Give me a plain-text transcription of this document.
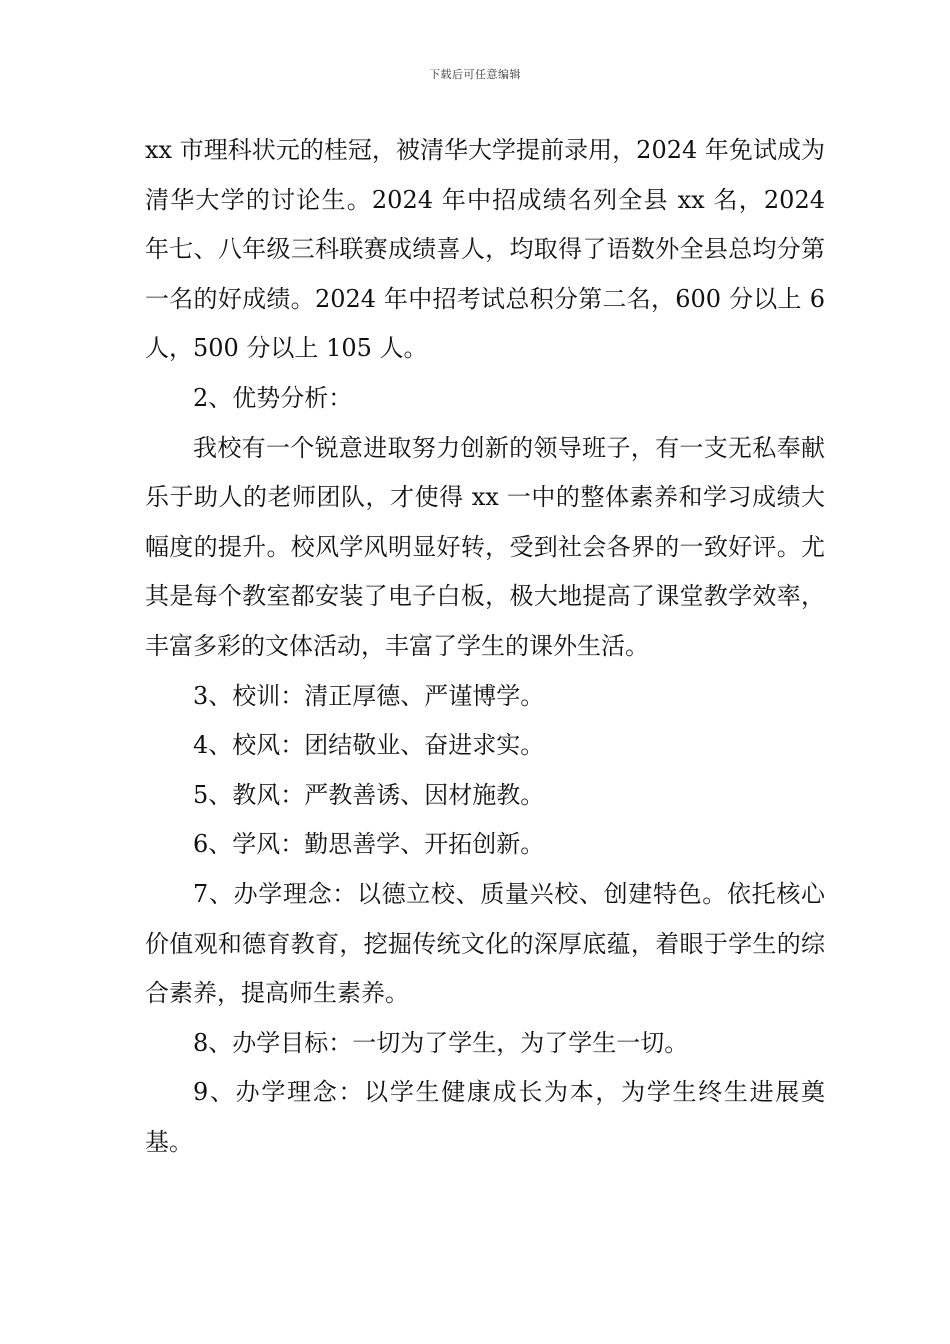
下载后可任意编辑

xx 市理科状元的桂冠，被清华大学提前录用，2024 年免试成为清华大学的讨论生。2024 年中招成绩名列全县 xx 名，2024 年七、八年级三科联赛成绩喜人，均取得了语数外全县总均分第一名的好成绩。2024 年中招考试总积分第二名，600 分以上 6 人，500 分以上 105 人。

2、优势分析：

我校有一个锐意进取努力创新的领导班子，有一支无私奉献乐于助人的老师团队，才使得 xx 一中的整体素养和学习成绩大幅度的提升。校风学风明显好转，受到社会各界的一致好评。尤其是每个教室都安装了电子白板，极大地提高了课堂教学效率，丰富多彩的文体活动，丰富了学生的课外生活。

3、校训：清正厚德、严谨博学。

4、校风：团结敬业、奋进求实。

5、教风：严教善诱、因材施教。

6、学风：勤思善学、开拓创新。

7、办学理念：以德立校、质量兴校、创建特色。依托核心价值观和德育教育，挖掘传统文化的深厚底蕴，着眼于学生的综合素养，提高师生素养。

8、办学目标：一切为了学生，为了学生一切。

9、办学理念：以学生健康成长为本，为学生终生进展奠基。
